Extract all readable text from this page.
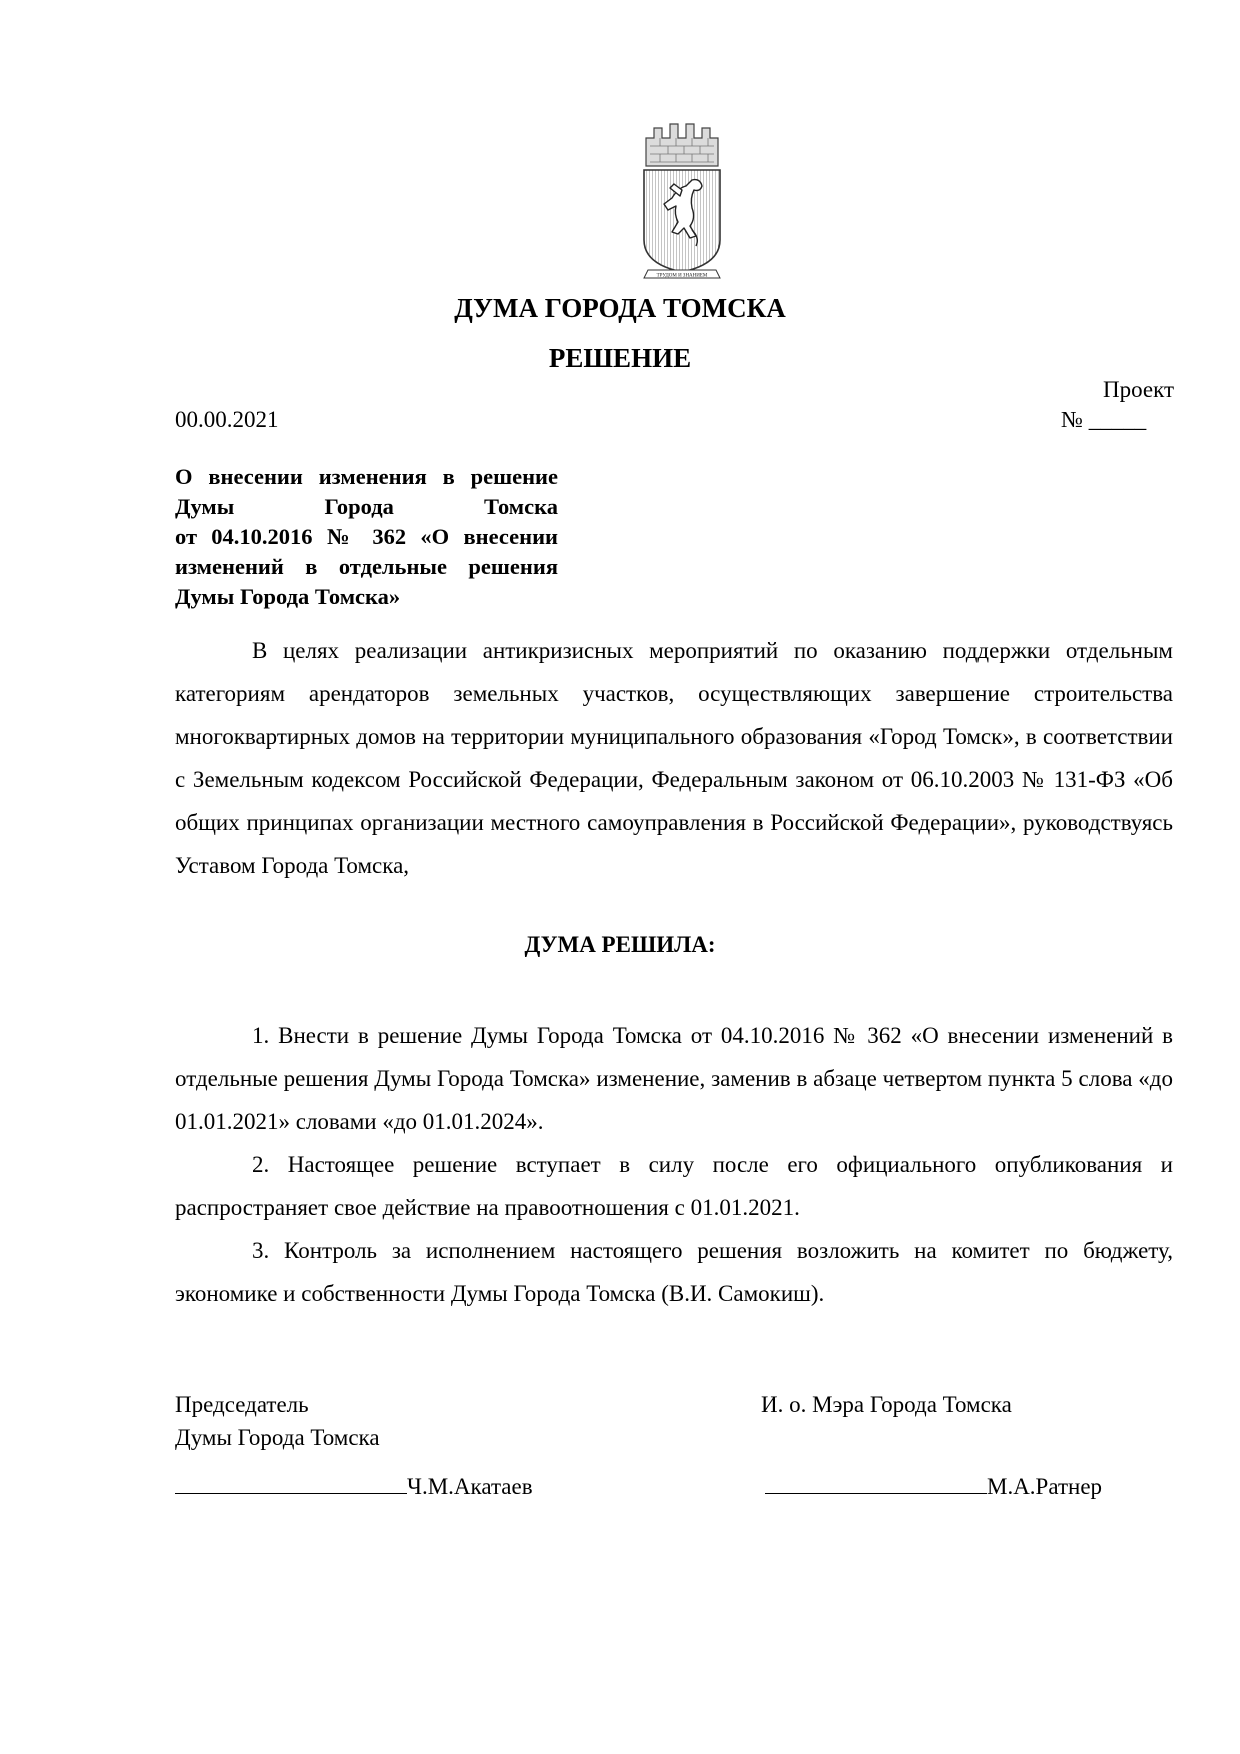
ТРУДОМ И ЗНАНИЕМ
ДУМА ГОРОДА ТОМСКА
РЕШЕНИЕ
Проект
00.00.2021	№ _____
О внесении изменения в решение
Думы Города Томска
от 04.10.2016 № 362 «О внесении
изменений в отдельные решения
Думы Города Томска»

В целях реализации антикризисных мероприятий по оказанию поддержки отдельным категориям арендаторов земельных участков, осуществляющих завершение строительства многоквартирных домов на территории муниципального образования «Город Томск», в соответствии с Земельным кодексом Российской Федерации, Федеральным законом от 06.10.2003 № 131-ФЗ «Об общих принципах организации местного самоуправления в Российской Федерации», руководствуясь Уставом Города Томска,

ДУМА РЕШИЛА:

1. Внести в решение Думы Города Томска от 04.10.2016 № 362 «О внесении изменений в отдельные решения Думы Города Томска» изменение, заменив в абзаце четвертом пункта 5 слова «до 01.01.2021» словами «до 01.01.2024».

2. Настоящее решение вступает в силу после его официального опубликования и распространяет свое действие на правоотношения с 01.01.2021.

3. Контроль за исполнением настоящего решения возложить на комитет по бюджету, экономике и собственности Думы Города Томска (В.И. Самокиш).

Председатель
Думы Города Томска
И. о. Мэра Города Томска
Ч.М.Акатаев	М.А.Ратнер
